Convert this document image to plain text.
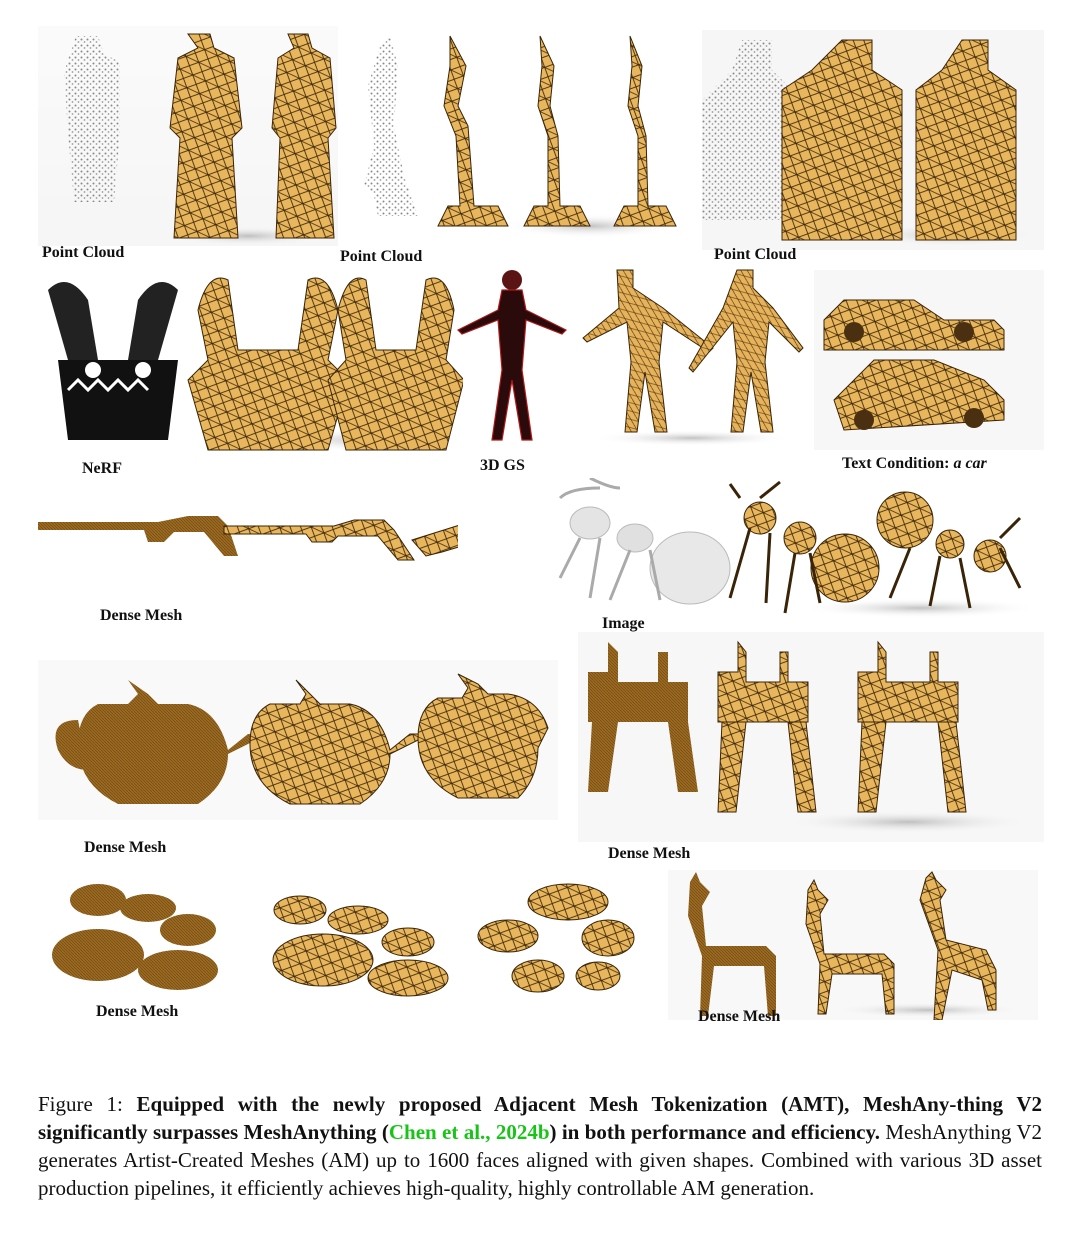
Point Cloud	Point Cloud	Point Cloud
NeRF	3D GS	Text Condition: a car
Dense Mesh	Image
Dense Mesh	Dense Mesh
Dense Mesh	Dense Mesh
Figure 1: Equipped with the newly proposed Adjacent Mesh Tokenization (AMT), MeshAny-thing V2 significantly surpasses MeshAnything (Chen et al., 2024b) in both performance and efficiency. MeshAnything V2 generates Artist-Created Meshes (AM) up to 1600 faces aligned with given shapes. Combined with various 3D asset production pipelines, it efficiently achieves high-quality, highly controllable AM generation.
